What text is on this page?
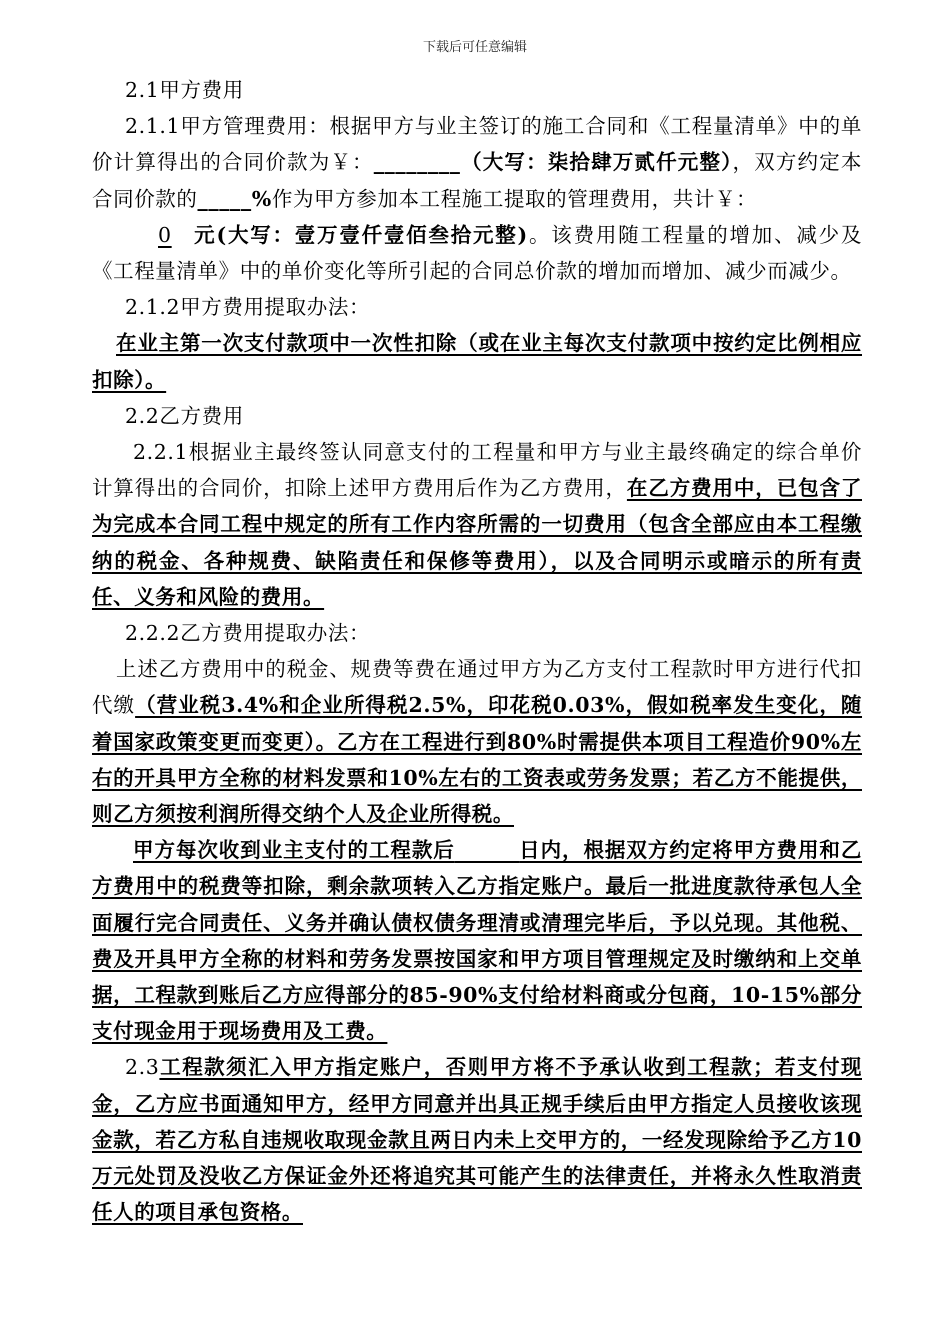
下载后可任意编辑

2.1甲方费用

2.1.1甲方管理费用：根据甲方与业主签订的施工合同和《工程量清单》中的单价计算得出的合同价款为￥：________（大写：柒拾肆万贰仟元整），双方约定本合同价款的_____%作为甲方参加本工程施工提取的管理费用，共计￥：
0 元(大写：壹万壹仟壹佰叁拾元整)。该费用随工程量的增加、减少及《工程量清单》中的单价变化等所引起的合同总价款的增加而增加、减少而减少。

2.1.2甲方费用提取办法：

在业主第一次支付款项中一次性扣除（或在业主每次支付款项中按约定比例相应扣除）。

2.2乙方费用

2.2.1根据业主最终签认同意支付的工程量和甲方与业主最终确定的综合单价计算得出的合同价，扣除上述甲方费用后作为乙方费用，在乙方费用中，已包含了为完成本合同工程中规定的所有工作内容所需的一切费用（包含全部应由本工程缴纳的税金、各种规费、缺陷责任和保修等费用），以及合同明示或暗示的所有责任、义务和风险的费用。

2.2.2乙方费用提取办法：

上述乙方费用中的税金、规费等费在通过甲方为乙方支付工程款时甲方进行代扣代缴（营业税3.4%和企业所得税2.5%，印花税0.03%，假如税率发生变化，随着国家政策变更而变更）。乙方在工程进行到80%时需提供本项目工程造价90%左右的开具甲方全称的材料发票和10%左右的工资表或劳务发票；若乙方不能提供，则乙方须按利润所得交纳个人及企业所得税。

甲方每次收到业主支付的工程款后　　　	日内，根据双方约定将甲方费用和乙方费用中的税费等扣除，剩余款项转入乙方指定账户。最后一批进度款待承包人全面履行完合同责任、义务并确认债权债务理清或清理完毕后，予以兑现。其他税、费及开具甲方全称的材料和劳务发票按国家和甲方项目管理规定及时缴纳和上交单据，工程款到账后乙方应得部分的85-90%支付给材料商或分包商，10-15%部分支付现金用于现场费用及工费。

2.3工程款须汇入甲方指定账户，否则甲方将不予承认收到工程款；若支付现金，乙方应书面通知甲方，经甲方同意并出具正规手续后由甲方指定人员接收该现金款，若乙方私自违规收取现金款且两日内未上交甲方的，一经发现除给予乙方10万元处罚及没收乙方保证金外还将追究其可能产生的法律责任，并将永久性取消责任人的项目承包资格。
